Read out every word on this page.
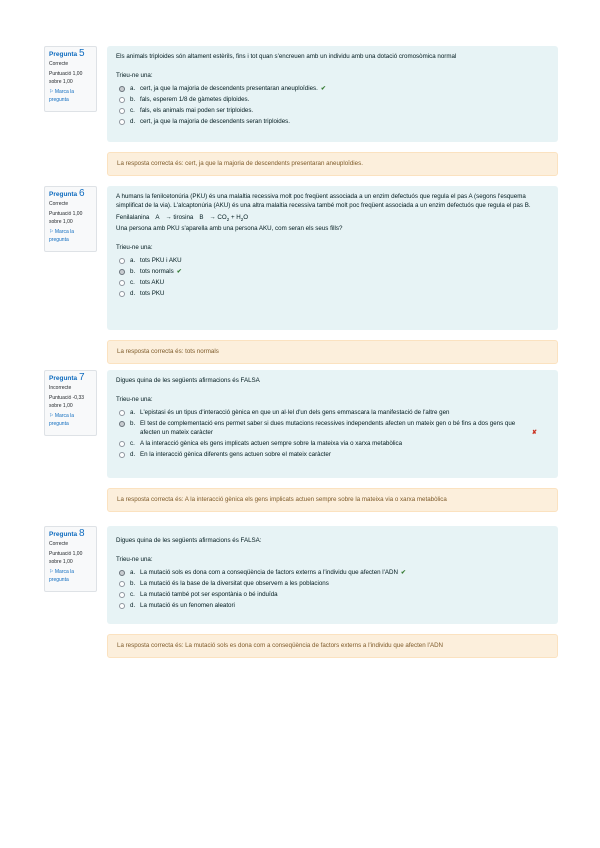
Pregunta 5
Correcte
Puntuació 1,00 sobre 1,00
⚐ Marca la pregunta
Els animals triploides són altament estèrils, fins i tot quan s'encreuen amb un individu amb una dotació cromosòmica normal
Trieu-ne una:
a. cert, ja que la majoria de descendents presentaran aneuploïdies. ✔
b. fals, esperem 1/8 de gàmetes diploides.
c. fals, els animals mai poden ser triploides.
d. cert, ja que la majoria de descendents seran triploides.
La resposta correcta és: cert, ja que la majoria de descendents presentaran aneuploïdies.
Pregunta 6
Correcte
Puntuació 1,00 sobre 1,00
⚐ Marca la pregunta
A humans la fenilcetonúria (PKU) és una malaltia recessiva molt poc freqüent associada a un enzim defectuós que regula el pas A (segons l'esquema simplificat de la via). L'alcaptonúria (AKU) és una altra malaltia recessiva també molt poc freqüent associada a un enzim defectuós que regula el pas B.
Fenilalanina A → tirosina $B \to CO_2 + H_2O$
Una persona amb PKU s'aparella amb una persona AKU, com seran els seus fills?
Trieu-ne una:
a. tots PKU i AKU
b. tots normals ✔
c. tots AKU
d. tots PKU
La resposta correcta és: tots normals
Pregunta 7
Incorrecte
Puntuació -0,33 sobre 1,00
⚐ Marca la pregunta
Digues quina de les següents afirmacions és FALSA
Trieu-ne una:
a. L'epistasi és un tipus d'interacció gènica en que un al·lel d'un dels gens emmascara la manifestació de l'altre gen
b. El test de complementació ens permet saber si dues mutacions recessives independents afecten un mateix gen o bé fins a dos gens que afecten un mateix caràcter	✘
c. A la interacció gènica els gens implicats actuen sempre sobre la mateixa via o xarxa metabòlica
d. En la interacció gènica diferents gens actuen sobre el mateix caràcter
La resposta correcta és: A la interacció gènica els gens implicats actuen sempre sobre la mateixa via o xarxa metabòlica
Pregunta 8
Correcte
Puntuació 1,00 sobre 1,00
⚐ Marca la pregunta
Digues quina de les següents afirmacions és FALSA:
Trieu-ne una:
a. La mutació sols es dona com a conseqüència de factors externs a l'individu que afecten l'ADN ✔
b. La mutació és la base de la diversitat que observem a les poblacions
c. La mutació també pot ser espontània o bé induïda
d. La mutació és un fenomen aleatori
La resposta correcta és: La mutació sols es dona com a conseqüència de factors externs a l'individu que afecten l'ADN
